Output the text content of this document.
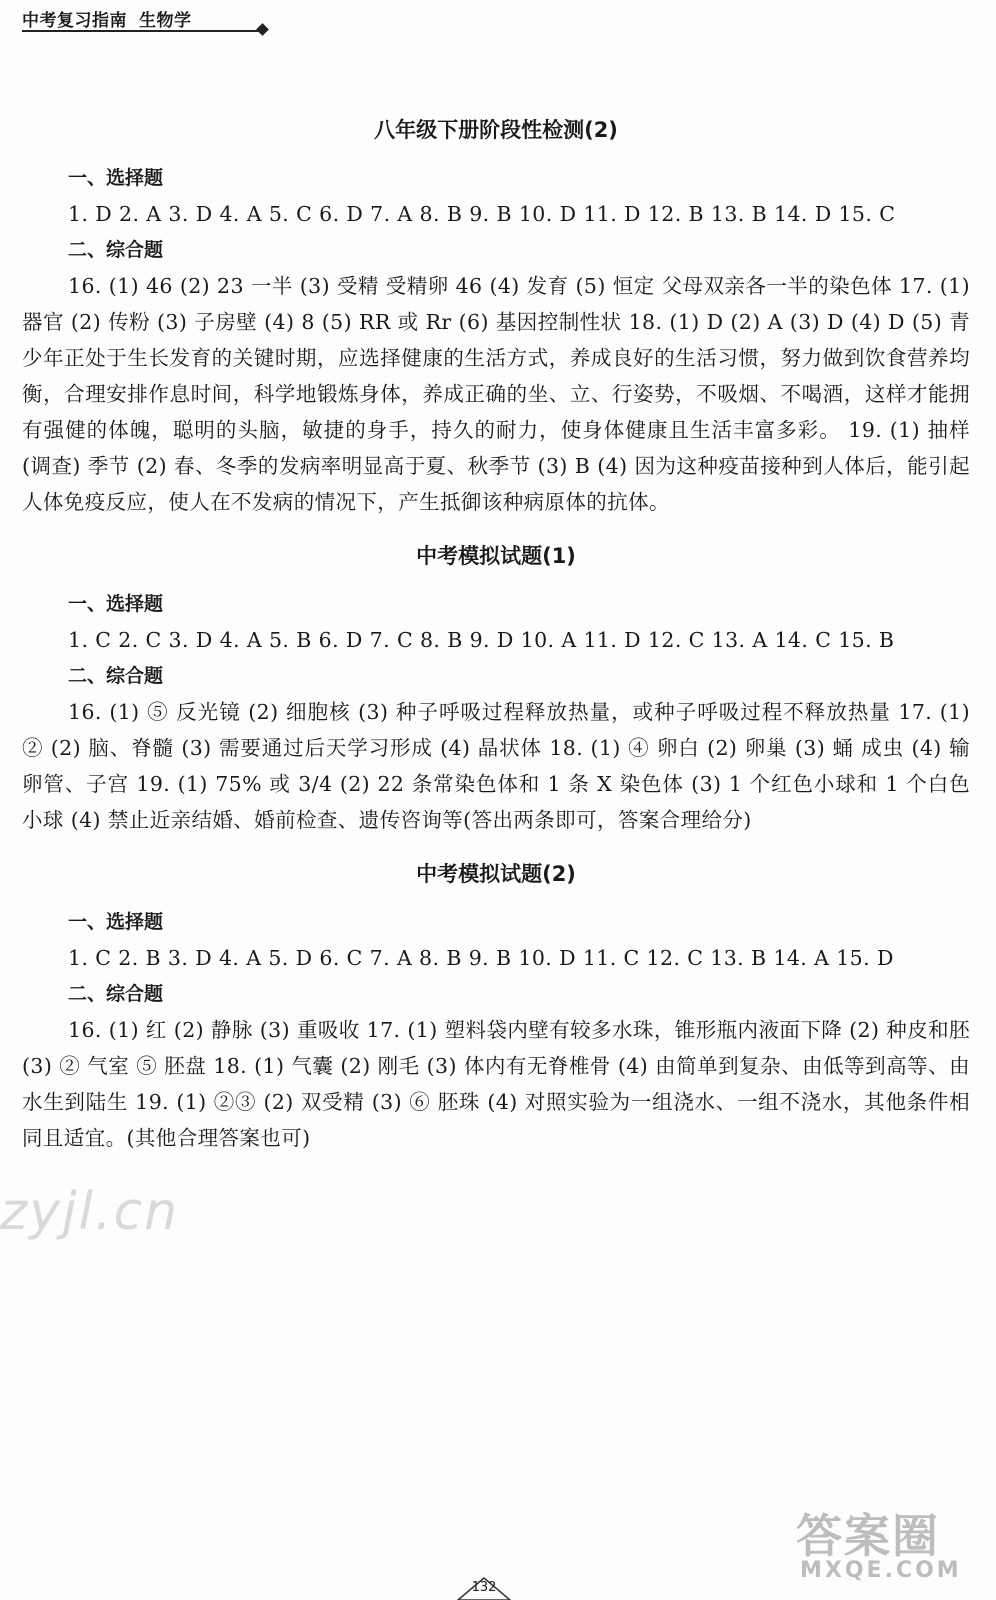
中考复习指南 生物学
八年级下册阶段性检测(2)
一、选择题

1. D 2. A 3. D 4. A 5. C 6. D 7. A 8. B 9. B 10. D 11. D 12. B 13. B 14. D 15. C

二、综合题

16. (1) 46 (2) 23 一半 (3) 受精 受精卵 46 (4) 发育 (5) 恒定 父母双亲各一半的染色体 17. (1) 器官 (2) 传粉 (3) 子房壁 (4) 8 (5) RR 或 Rr (6) 基因控制性状 18. (1) D (2) A (3) D (4) D (5) 青少年正处于生长发育的关键时期，应选择健康的生活方式，养成良好的生活习惯，努力做到饮食营养均衡，合理安排作息时间，科学地锻炼身体，养成正确的坐、立、行姿势，不吸烟、不喝酒，这样才能拥有强健的体魄，聪明的头脑，敏捷的身手，持久的耐力，使身体健康且生活丰富多彩。 19. (1) 抽样(调查) 季节 (2) 春、冬季的发病率明显高于夏、秋季节 (3) B (4) 因为这种疫苗接种到人体后，能引起人体免疫反应，使人在不发病的情况下，产生抵御该种病原体的抗体。

中考模拟试题(1)
一、选择题

1. C 2. C 3. D 4. A 5. B 6. D 7. C 8. B 9. D 10. A 11. D 12. C 13. A 14. C 15. B

二、综合题

16. (1) ⑤ 反光镜 (2) 细胞核 (3) 种子呼吸过程释放热量，或种子呼吸过程不释放热量 17. (1) ② (2) 脑、脊髓 (3) 需要通过后天学习形成 (4) 晶状体 18. (1) ④ 卵白 (2) 卵巢 (3) 蛹 成虫 (4) 输卵管、子宫 19. (1) 75% 或 3/4 (2) 22 条常染色体和 1 条 X 染色体 (3) 1 个红色小球和 1 个白色小球 (4) 禁止近亲结婚、婚前检查、遗传咨询等(答出两条即可，答案合理给分)

中考模拟试题(2)
一、选择题

1. C 2. B 3. D 4. A 5. D 6. C 7. A 8. B 9. B 10. D 11. C 12. C 13. B 14. A 15. D

二、综合题

16. (1) 红 (2) 静脉 (3) 重吸收 17. (1) 塑料袋内壁有较多水珠，锥形瓶内液面下降 (2) 种皮和胚 (3) ② 气室 ⑤ 胚盘 18. (1) 气囊 (2) 刚毛 (3) 体内有无脊椎骨 (4) 由简单到复杂、由低等到高等、由水生到陆生 19. (1) ②③ (2) 双受精 (3) ⑥ 胚珠 (4) 对照实验为一组浇水、一组不浇水，其他条件相同且适宜。(其他合理答案也可)

zyjl.cn
答案圈
MXQE.COM
132
